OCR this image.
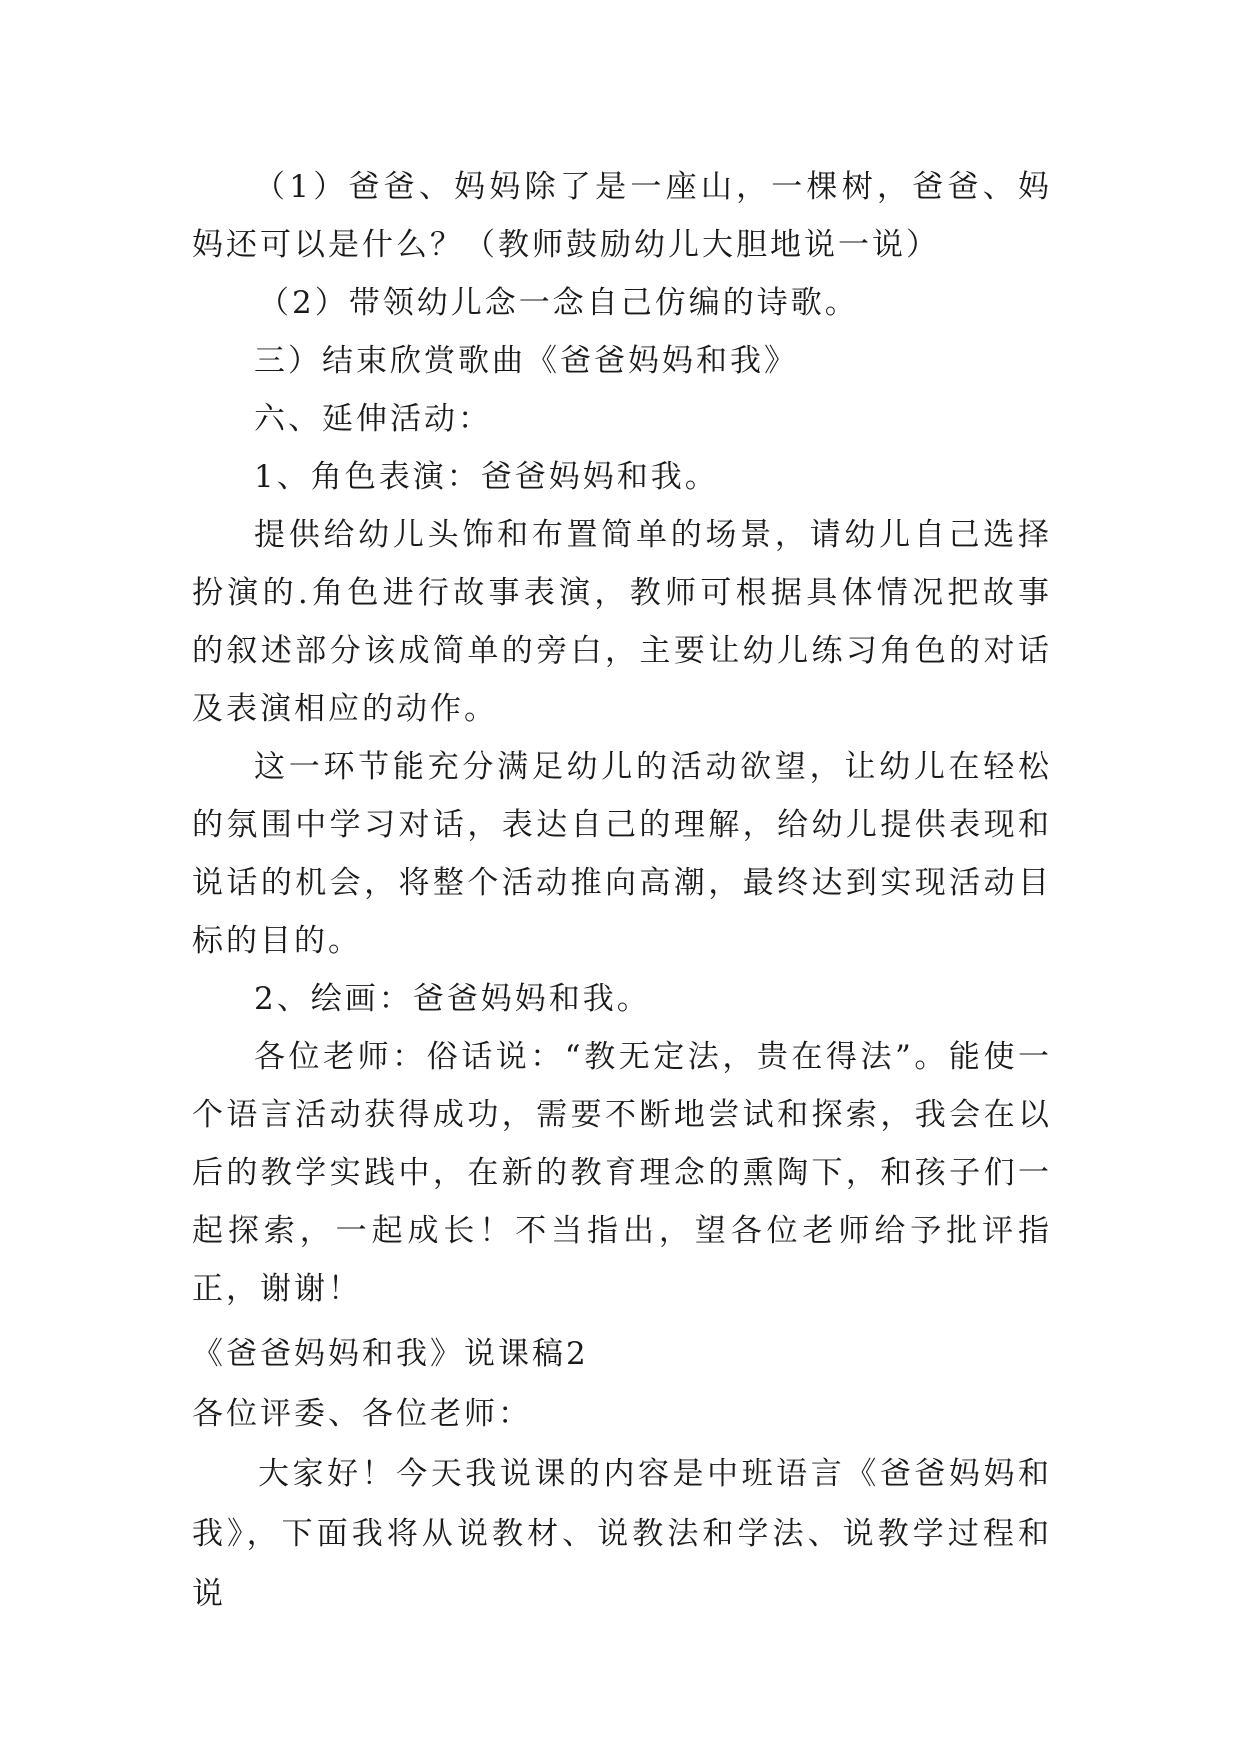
（1）爸爸、妈妈除了是一座山，一棵树，爸爸、妈妈还可以是什么？（教师鼓励幼儿大胆地说一说）

（2）带领幼儿念一念自己仿编的诗歌。

三）结束欣赏歌曲《爸爸妈妈和我》

六、延伸活动：

1、角色表演：爸爸妈妈和我。

提供给幼儿头饰和布置简单的场景，请幼儿自己选择扮演的.角色进行故事表演，教师可根据具体情况把故事的叙述部分该成简单的旁白，主要让幼儿练习角色的对话及表演相应的动作。

这一环节能充分满足幼儿的活动欲望，让幼儿在轻松的氛围中学习对话，表达自己的理解，给幼儿提供表现和说话的机会，将整个活动推向高潮，最终达到实现活动目标的目的。

2、绘画：爸爸妈妈和我。

各位老师：俗话说：“教无定法，贵在得法”。能使一个语言活动获得成功，需要不断地尝试和探索，我会在以后的教学实践中，在新的教育理念的熏陶下，和孩子们一起探索，一起成长！不当指出，望各位老师给予批评指正，谢谢！

《爸爸妈妈和我》说课稿2

各位评委、各位老师：

大家好！今天我说课的内容是中班语言《爸爸妈妈和我》，下面我将从说教材、说教法和学法、说教学过程和说
